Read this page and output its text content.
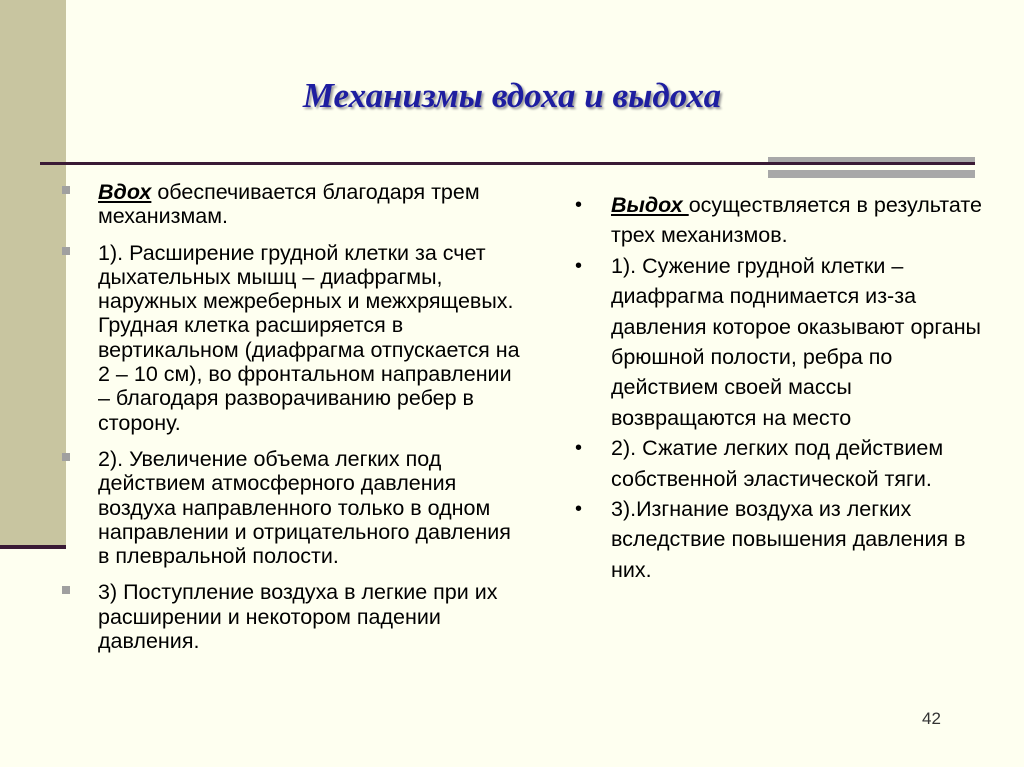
Механизмы вдоха и выдоха
Вдох обеспечивается благодаря трем механизмам.
1). Расширение грудной клетки за счет дыхательных мышц – диафрагмы, наружных межреберных и межхрящевых. Грудная клетка расширяется в вертикальном (диафрагма отпускается на 2 – 10 см), во фронтальном направлении – благодаря разворачиванию ребер в сторону.
2). Увеличение объема легких под действием атмосферного давления воздуха направленного только в одном направлении и отрицательного давления в плевральной полости.
3) Поступление воздуха в легкие при их расширении и некотором падении давления.
• Выдох осуществляется в результате трех механизмов.
• 1). Сужение грудной клетки – диафрагма поднимается из-за давления которое оказывают органы брюшной полости, ребра по действием своей массы возвращаются на место
• 2). Сжатие легких под действием собственной эластической тяги.
• 3).Изгнание воздуха из легких вследствие повышения давления в них.
42
